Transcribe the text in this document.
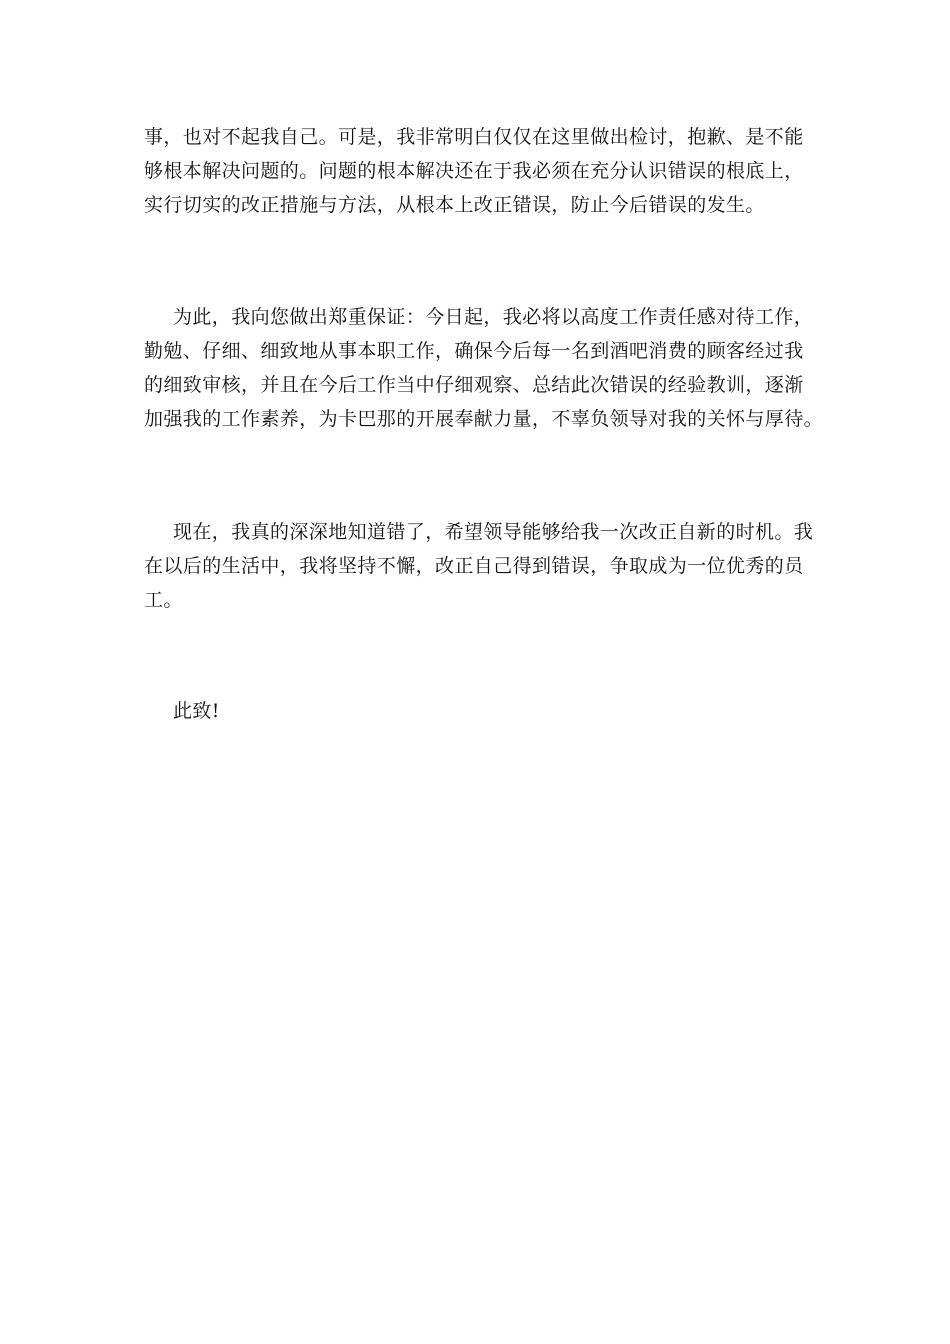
事，也对不起我自己。可是，我非常明白仅仅在这里做出检讨，抱歉、是不能
够根本解决问题的。问题的根本解决还在于我必须在充分认识错误的根底上，
实行切实的改正措施与方法，从根本上改正错误，防止今后错误的发生。
为此，我向您做出郑重保证：今日起，我必将以高度工作责任感对待工作，
勤勉、仔细、细致地从事本职工作，确保今后每一名到酒吧消费的顾客经过我
的细致审核，并且在今后工作当中仔细观察、总结此次错误的经验教训，逐渐
加强我的工作素养，为卡巴那的开展奉献力量，不辜负领导对我的关怀与厚待。
现在，我真的深深地知道错了，希望领导能够给我一次改正自新的时机。我
在以后的生活中，我将坚持不懈，改正自己得到错误，争取成为一位优秀的员
工。
此致!
